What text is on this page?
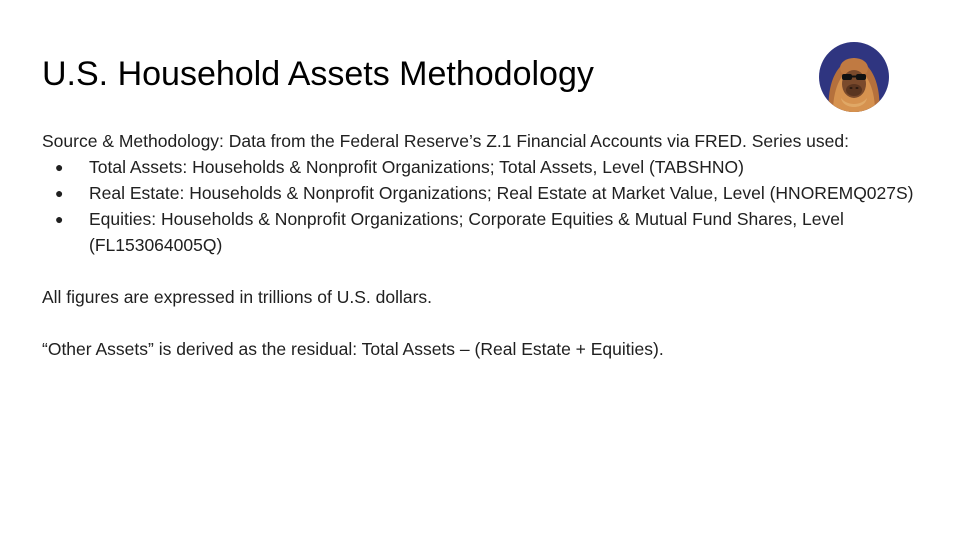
U.S. Household Assets Methodology

Source & Methodology: Data from the Federal Reserve’s Z.1 Financial Accounts via FRED. Series used:

● Total Assets: Households & Nonprofit Organizations; Total Assets, Level (TABSHNO)
● Real Estate: Households & Nonprofit Organizations; Real Estate at Market Value, Level (HNOREMQ027S)
● Equities: Households & Nonprofit Organizations; Corporate Equities & Mutual Fund Shares, Level (FL153064005Q)

All figures are expressed in trillions of U.S. dollars.

“Other Assets” is derived as the residual: Total Assets – (Real Estate + Equities).
